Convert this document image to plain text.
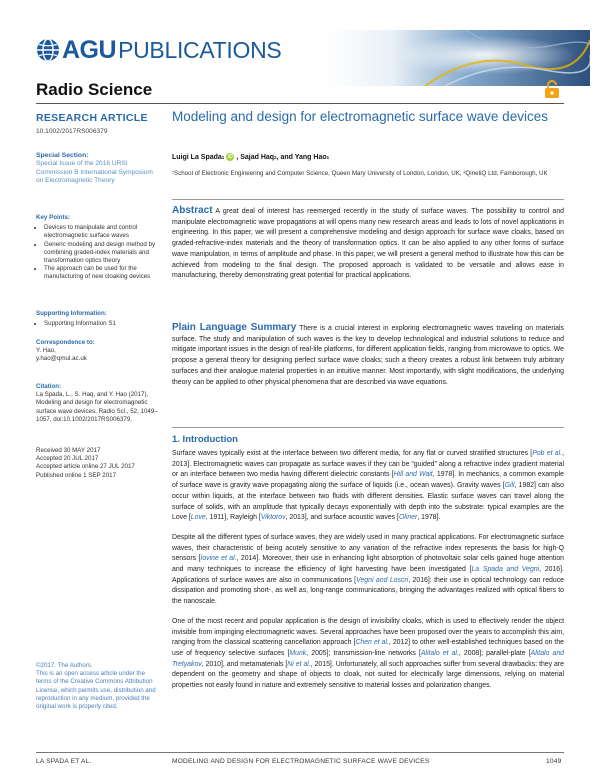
AGU PUBLICATIONS
Radio Science
RESEARCH ARTICLE
10.1002/2017RS006379
Special Section:
Special Issue of the 2016 URSI Commission B International Symposium on Electromagnetic Theory
Key Points:
• Devices to manipulate and control electromagnetic surface waves
• Generic modeling and design method by combining graded-index materials and transformation optics theory
• The approach can be used for the manufacturing of new cloaking devices
Supporting Information:
• Supporting Information S1
Correspondence to:
Y. Hao,
y.hao@qmul.ac.uk
Citation:
La Spada, L., S. Haq, and Y. Hao (2017), Modeling and design for electromagnetic surface wave devices, Radio Sci., 52, 1049–1057, doi:10.1002/2017RS006379.
Received 30 MAY 2017
Accepted 20 JUL 2017
Accepted article online 27 JUL 2017
Published online 1 SEP 2017
©2017. The Authors.
This is an open access article under the terms of the Creative Commons Attribution License, which permits use, distribution and reproduction in any medium, provided the original work is properly cited.
Modeling and design for electromagnetic surface wave devices
Luigi La Spada 1 iD , Sajad Haq 2 , and Yang Hao 1
¹School of Electronic Engineering and Computer Science, Queen Mary University of London, London, UK, ²QinetiQ Ltd, Farnborough, UK
Abstract A great deal of interest has reemerged recently in the study of surface waves. The possibility to control and manipulate electromagnetic wave propagations at will opens many new research areas and leads to lots of novel applications in engineering. In this paper, we will present a comprehensive modeling and design approach for surface wave cloaks, based on graded-refractive-index materials and the theory of transformation optics. It can be also applied to any other forms of surface wave manipulation, in terms of amplitude and phase. In this paper, we will present a general method to illustrate how this can be achieved from modeling to the final design. The proposed approach is validated to be versatile and allows ease in manufacturing, thereby demonstrating great potential for practical applications.
Plain Language Summary There is a crucial interest in exploring electromagnetic waves traveling on materials surface. The study and manipulation of such waves is the key to develop technological and industrial solutions to reduce and mitigate important issues in the design of real-life platforms, for different application fields, ranging from microwave to optics. We propose a general theory for designing perfect surface wave cloaks; such a theory creates a robust link between truly arbitrary surfaces and their analogue material properties in an intuitive manner. Most importantly, with slight modifications, the underlying theory can be applied to other physical phenomena that are described via wave equations.
1. Introduction

Surface waves typically exist at the interface between two different media, for any flat or curved stratified structures [Pob et al., 2013]. Electromagnetic waves can propagate as surface waves if they can be “guided” along a refractive index gradient material or an interface between two media having different dielectric constants [Hill and Wait, 1978]. In mechanics, a common example of surface wave is gravity wave propagating along the surface of liquids (i.e., ocean waves). Gravity waves [Gill, 1982] can also occur within liquids, at the interface between two fluids with different densities. Elastic surface waves can travel along the surface of solids, with an amplitude that typically decays exponentially with depth into the substrate: typical examples are the Love [Love, 1911], Rayleigh [Viktorov, 2013], and surface acoustic waves [Oliner, 1978].

Despite all the different types of surface waves, they are widely used in many practical applications. For electromagnetic surface waves, their characteristic of being acutely sensitive to any variation of the refractive index represents the basis for high-Q sensors [Iovine et al., 2014]. Moreover, their use in enhancing light absorption of photovoltaic solar cells gained huge attention and many techniques to increase the efficiency of light harvesting have been investigated [La Spada and Vegni, 2016]. Applications of surface waves are also in communications [Vegni and Loscri, 2016]: their use in optical technology can reduce dissipation and promoting short-, as well as, long-range communications, bringing the advantages realized with optical fibers to the nanoscale.

One of the most recent and popular application is the design of invisibility cloaks, which is used to effectively render the object invisible from impinging electromagnetic waves. Several approaches have been proposed over the years to accomplish this aim, ranging from the classical scattering cancellation approach [Chen et al., 2012] to other well-established techniques based on the use of frequency selective surfaces [Munk, 2005]; transmission-line networks [Alitalo et al., 2008]; parallel-plate [Alitalo and Tretyakov, 2010], and metamaterials [Ni et al., 2015]. Unfortunately, all such approaches suffer from several drawbacks: they are dependent on the geometry and shape of objects to cloak, not suited for electrically large dimensions, relying on material properties not easily found in nature and extremely sensitive to material losses and polarization changes.

LA SPADA ET AL.	MODELING AND DESIGN FOR ELECTROMAGNETIC SURFACE WAVE DEVICES	1049
